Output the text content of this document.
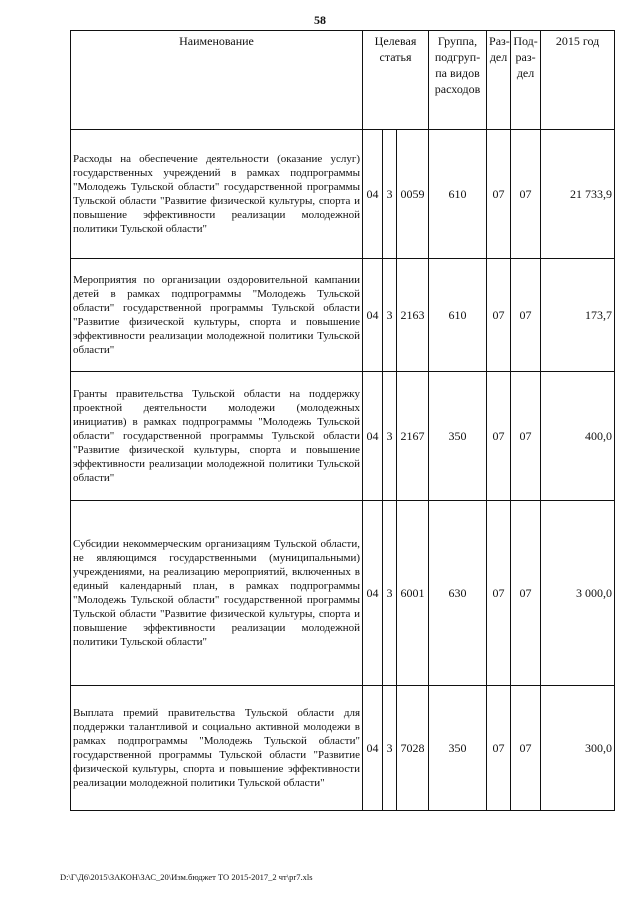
58
Наименование	Целевая статья			Группа, подгруп-па видов расходов	Раз-дел	Под-раз-дел	2015 год
Расходы на обеспечение деятельности (оказание услуг) государственных учреждений в рамках подпрограммы "Молодежь Тульской области" государственной программы Тульской области "Развитие физической культуры, спорта и повышение эффективности реализации молодежной политики Тульской области"	04	3	0059	610	07	07	21 733,9
Мероприятия по организации оздоровительной кампании детей в рамках подпрограммы "Молодежь Тульской области" государственной программы Тульской области "Развитие физической культуры, спорта и повышение эффективности реализации молодежной политики Тульской области"	04	3	2163	610	07	07	173,7
Гранты правительства Тульской области на поддержку проектной деятельности молодежи (молодежных инициатив) в рамках подпрограммы "Молодежь Тульской области" государственной программы Тульской области "Развитие физической культуры, спорта и повышение эффективности реализации молодежной политики Тульской области"	04	3	2167	350	07	07	400,0
Субсидии некоммерческим организациям Тульской области, не являющимся государственными (муниципальными) учреждениями, на реализацию мероприятий, включенных в единый календарный план, в рамках подпрограммы "Молодежь Тульской области" государственной программы Тульской области "Развитие физической культуры, спорта и повышение эффективности реализации молодежной политики Тульской области"	04	3	6001	630	07	07	3 000,0
Выплата премий правительства Тульской области для поддержки талантливой и социально активной молодежи в рамках подпрограммы "Молодежь Тульской области" государственной программы Тульской области "Развитие физической культуры, спорта и повышение эффективности реализации молодежной политики Тульской области"	04	3	7028	350	07	07	300,0
D:\Г\Д6\2015\ЗАКОН\ЗАС_20\Изм.бюджет ТО 2015-2017_2 чт\pr7.xls
